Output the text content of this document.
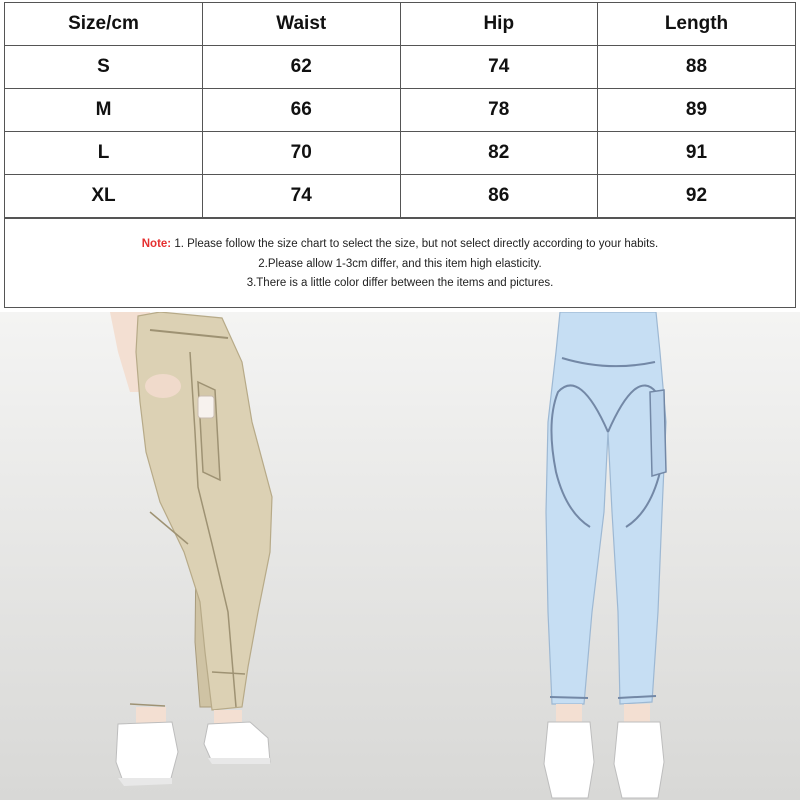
Size/cm	Waist	Hip	Length
S	62	74	88
M	66	78	89
L	70	82	91
XL	74	86	92
Note: 1. Please follow the size chart to select the size, but not select directly according to your habits.
2.Please allow 1-3cm differ, and this item high elasticity.
3.There is a little color differ between the items and pictures.
